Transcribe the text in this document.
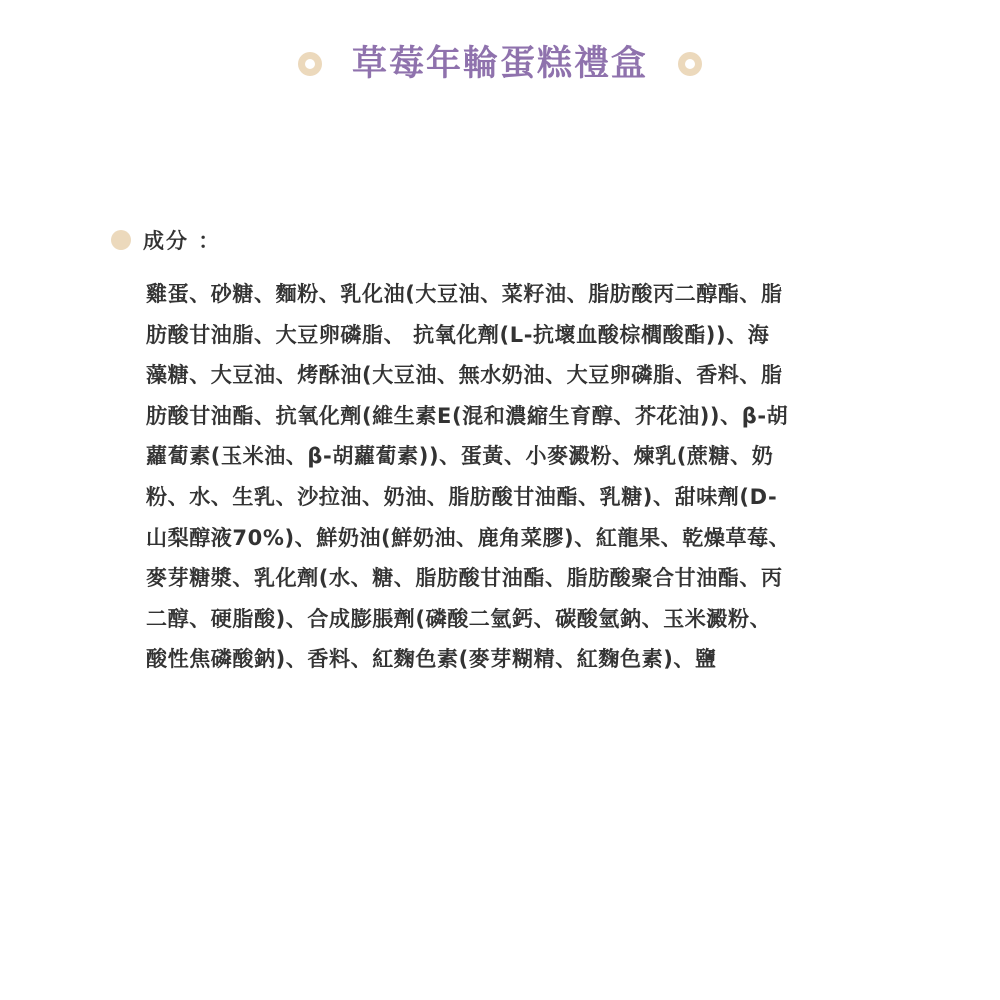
草莓年輪蛋糕禮盒
成分 ：
雞蛋、砂糖、麵粉、乳化油(大豆油、菜籽油、脂肪酸丙二醇酯、脂
肪酸甘油脂、大豆卵磷脂、 抗氧化劑(L-抗壞血酸棕櫚酸酯))、海
藻糖、大豆油、烤酥油(大豆油、無水奶油、大豆卵磷脂、香料、脂
肪酸甘油酯、抗氧化劑(維生素E(混和濃縮生育醇、芥花油))、β-胡
蘿蔔素(玉米油、β-胡蘿蔔素))、蛋黃、小麥澱粉、煉乳(蔗糖、奶
粉、水、生乳、沙拉油、奶油、脂肪酸甘油酯、乳糖)、甜味劑(D-
山梨醇液70%)、鮮奶油(鮮奶油、鹿角菜膠)、紅龍果、乾燥草莓、
麥芽糖漿、乳化劑(水、糖、脂肪酸甘油酯、脂肪酸聚合甘油酯、丙
二醇、硬脂酸)、合成膨脹劑(磷酸二氫鈣、碳酸氫鈉、玉米澱粉、
酸性焦磷酸鈉)、香料、紅麴色素(麥芽糊精、紅麴色素)、鹽
